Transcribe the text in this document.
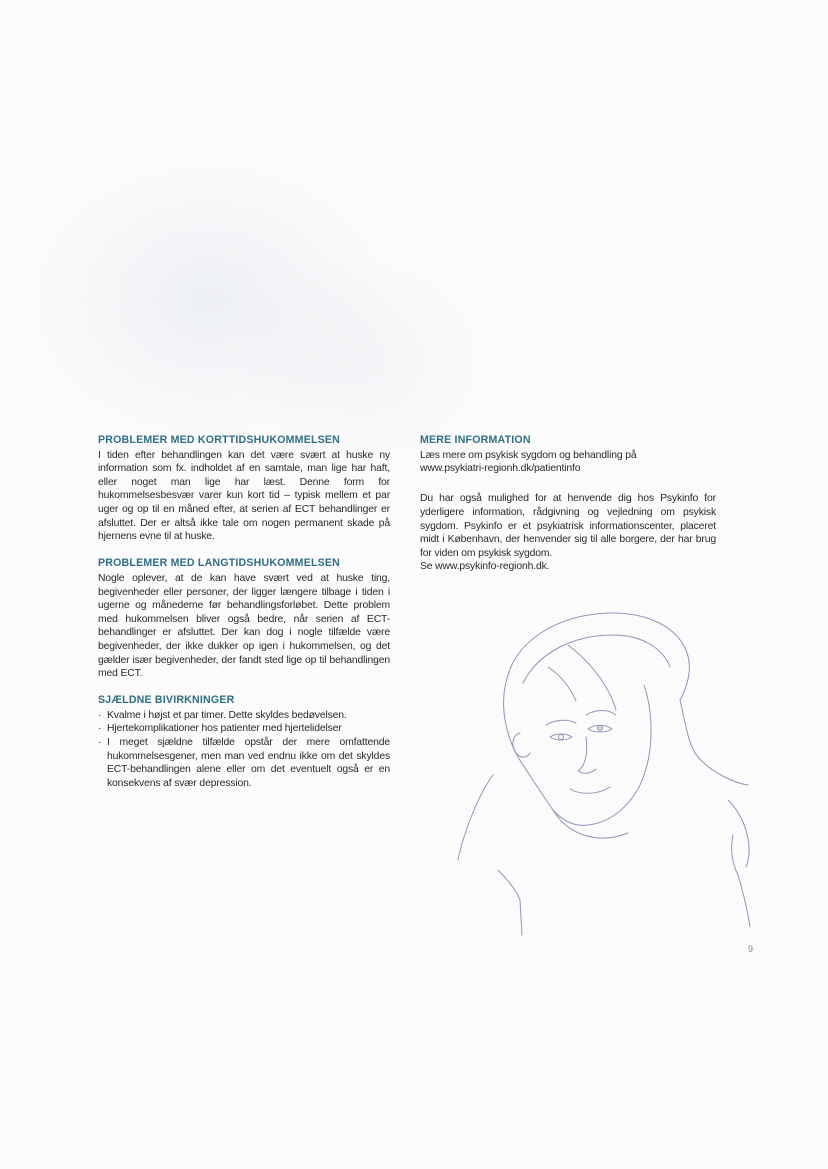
PROBLEMER MED KORTTIDSHUKOMMELSEN

I tiden efter behandlingen kan det være svært at huske ny information som fx. indholdet af en samtale, man lige har haft, eller noget man lige har læst. Denne form for hukommelsesbesvær varer kun kort tid – typisk mellem et par uger og op til en måned efter, at serien af ECT behandlinger er afsluttet. Der er altså ikke tale om nogen permanent skade på hjernens evne til at huske.

PROBLEMER MED LANGTIDSHUKOMMELSEN

Nogle oplever, at de kan have svært ved at huske ting, begivenheder eller personer, der ligger længere tilbage i tiden i ugerne og månederne før behandlingsforløbet. Dette problem med hukommelsen bliver også bedre, når serien af ECT-behandlinger er afsluttet. Der kan dog i nogle tilfælde være begivenheder, der ikke dukker op igen i hukommelsen, og det gælder især begivenheder, der fandt sted lige op til behandlingen med ECT.

SJÆLDNE BIVIRKNINGER
· Kvalme i højst et par timer. Dette skyldes bedøvelsen.
· Hjertekomplikationer hos patienter med hjertelidelser
· I meget sjældne tilfælde opstår der mere omfattende hukommelsesgener, men man ved endnu ikke om det skyldes ECT-behandlingen alene eller om det eventuelt også er en konsekvens af svær depression.
MERE INFORMATION

Læs mere om psykisk sygdom og behandling på

www.psykiatri-regionh.dk/patientinfo

Du har også mulighed for at henvende dig hos Psykinfo for yderligere information, rådgivning og vejledning om psykisk sygdom. Psykinfo er et psykiatrisk informationscenter, placeret midt i København, der henvender sig til alle borgere, der har brug for viden om psykisk sygdom.

Se www.psykinfo-regionh.dk.

9
